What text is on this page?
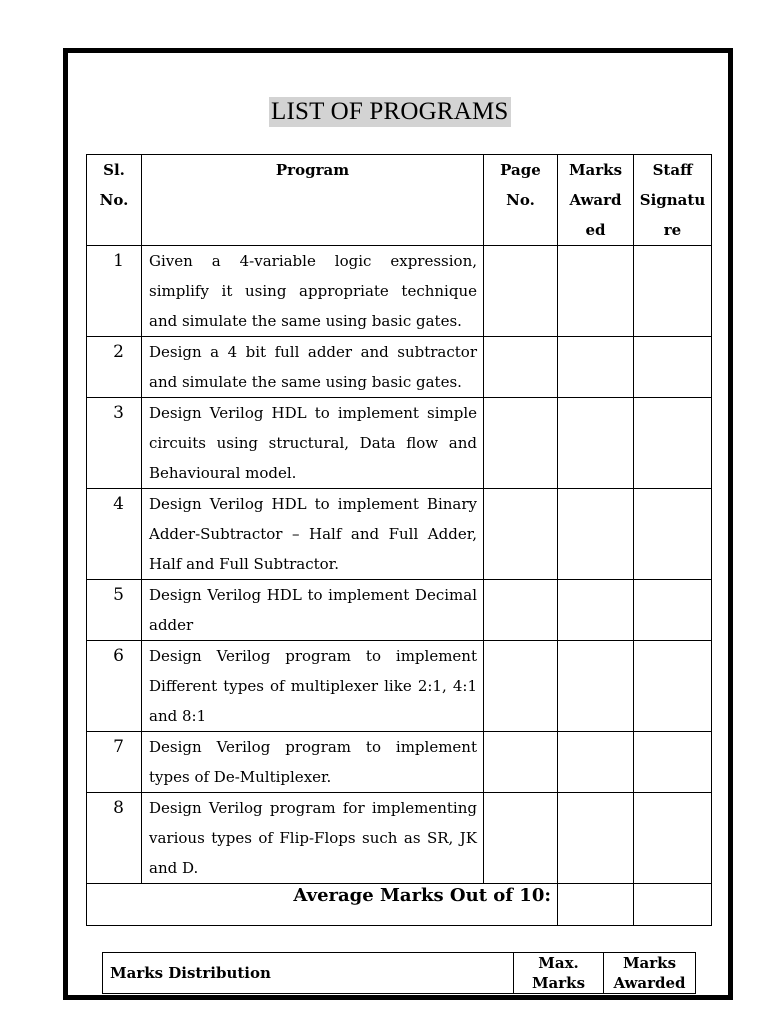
LIST OF PROGRAMS
Sl. No.	Program	Page No.	Marks Award ed	Staff Signatu re
1	Given a 4-variable logic expression, simplify it using appropriate technique and simulate the same using basic gates.			
2	Design a 4 bit full adder and subtractor and simulate the same using basic gates.			
3	Design Verilog HDL to implement simple circuits using structural, Data flow and Behavioural model.			
4	Design Verilog HDL to implement Binary Adder-Subtractor – Half and Full Adder, Half and Full Subtractor.			
5	Design Verilog HDL to implement Decimal adder			
6	Design Verilog program to implement Different types of multiplexer like 2:1, 4:1 and 8:1			
7	Design Verilog program to implement types of De-Multiplexer.			
8	Design Verilog program for implementing various types of Flip-Flops such as SR, JK and D.			
Average Marks Out of 10:				
Marks Distribution	Max. Marks	Marks Awarded
